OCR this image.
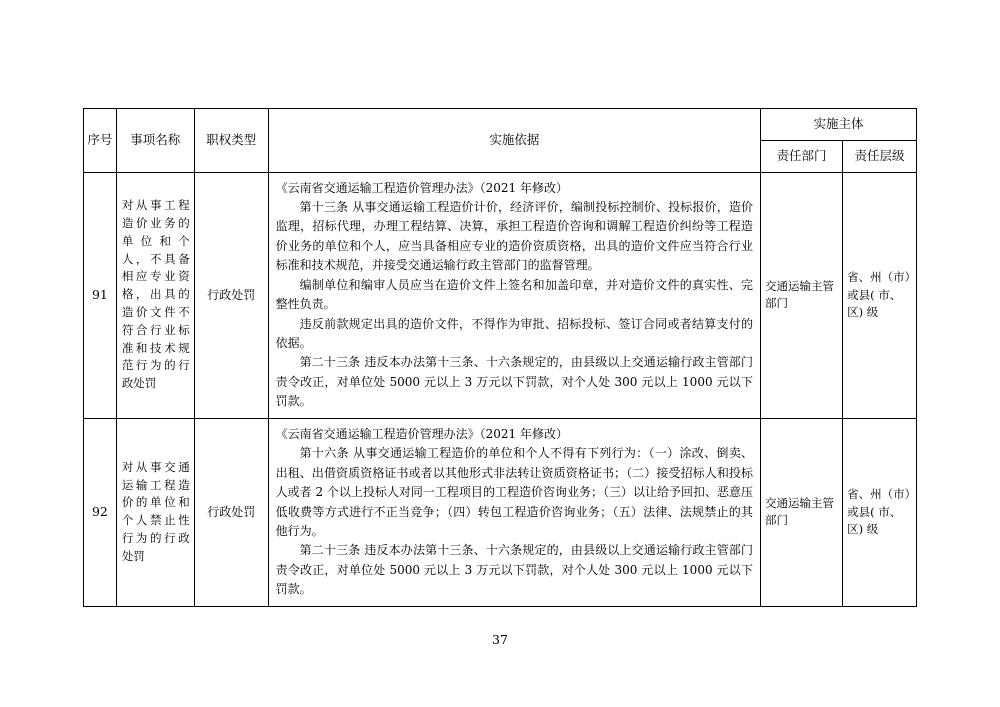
序号	事项名称	职权类型	实施依据	实施主体	
				责任部门	责任层级
91	对从事工程造价业务的单位和个人，不具备相应专业资格，出具的造价文件不符合行业标准和技术规范行为的行政处罚	行政处罚	《云南省交通运输工程造价管理办法》（2021 年修改）

第十三条 从事交通运输工程造价计价，经济评价，编制投标控制价、投标报价，造价监理，招标代理，办理工程结算、决算，承担工程造价咨询和调解工程造价纠纷等工程造价业务的单位和个人，应当具备相应专业的造价资质资格，出具的造价文件应当符合行业标准和技术规范，并接受交通运输行政主管部门的监督管理。

编制单位和编审人员应当在造价文件上签名和加盖印章，并对造价文件的真实性、完整性负责。

违反前款规定出具的造价文件，不得作为审批、招标投标、签订合同或者结算支付的依据。

第二十三条 违反本办法第十三条、十六条规定的，由县级以上交通运输行政主管部门责令改正，对单位处 5000 元以上 3 万元以下罚款，对个人处 300 元以上 1000 元以下罚款。	交通运输主管部门	省、州（市）或县( 市、区) 级
92	对从事交通运输工程造价的单位和个人禁止性行为的行政处罚	行政处罚	《云南省交通运输工程造价管理办法》（2021 年修改）

第十六条 从事交通运输工程造价的单位和个人不得有下列行为：（一）涂改、倒卖、出租、出借资质资格证书或者以其他形式非法转让资质资格证书；（二）接受招标人和投标人或者 2 个以上投标人对同一工程项目的工程造价咨询业务；（三）以让给予回扣、恶意压低收费等方式进行不正当竞争；（四）转包工程造价咨询业务；（五）法律、法规禁止的其他行为。

第二十三条 违反本办法第十三条、十六条规定的，由县级以上交通运输行政主管部门责令改正，对单位处 5000 元以上 3 万元以下罚款，对个人处 300 元以上 1000 元以下罚款。	交通运输主管部门	省、州（市）或县( 市、区) 级
37
